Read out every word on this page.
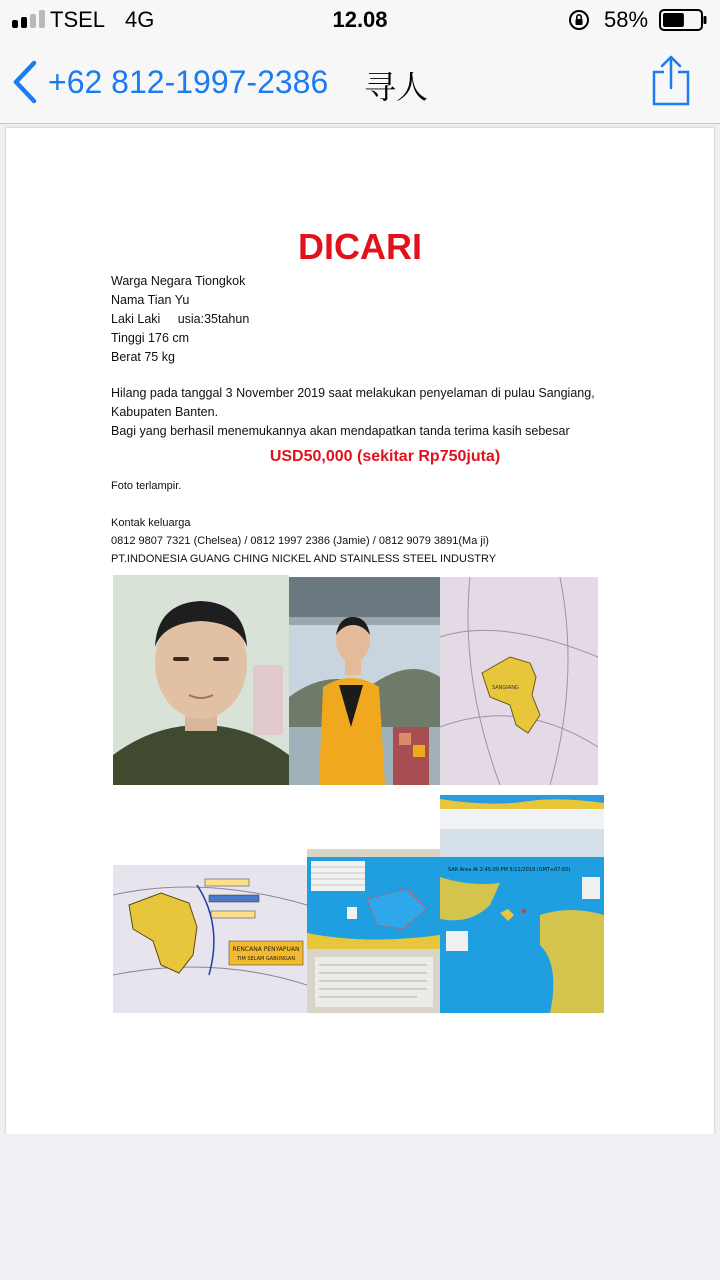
TSEL 4G	12.08	58%
+62 812-1997-2386 寻人
DICARI
Warga Negara Tiongkok
Nama Tian Yu
Laki Laki     usia:35tahun
Tinggi 176 cm
Berat 75 kg
Hilang pada tanggal 3 November 2019 saat melakukan penyelaman di pulau Sangiang,
Kabupaten Banten.
Bagi yang berhasil menemukannya akan mendapatkan tanda terima kasih sebesar
USD50,000 (sekitar Rp750juta)
Foto terlampir.
Kontak keluarga
0812 9807 7321 (Chelsea) / 0812 1997 2386 (Jamie) / 0812 9079 3891(Ma ji)
PT.INDONESIA GUANG CHING NICKEL AND STAINLESS STEEL INDUSTRY
SANGIANG
RENCANA PENYAPUAN
TIM SELAM GABUNGAN
SAR Area At 2:45:00 PM 5/11/2019 (GMT+07:00)
